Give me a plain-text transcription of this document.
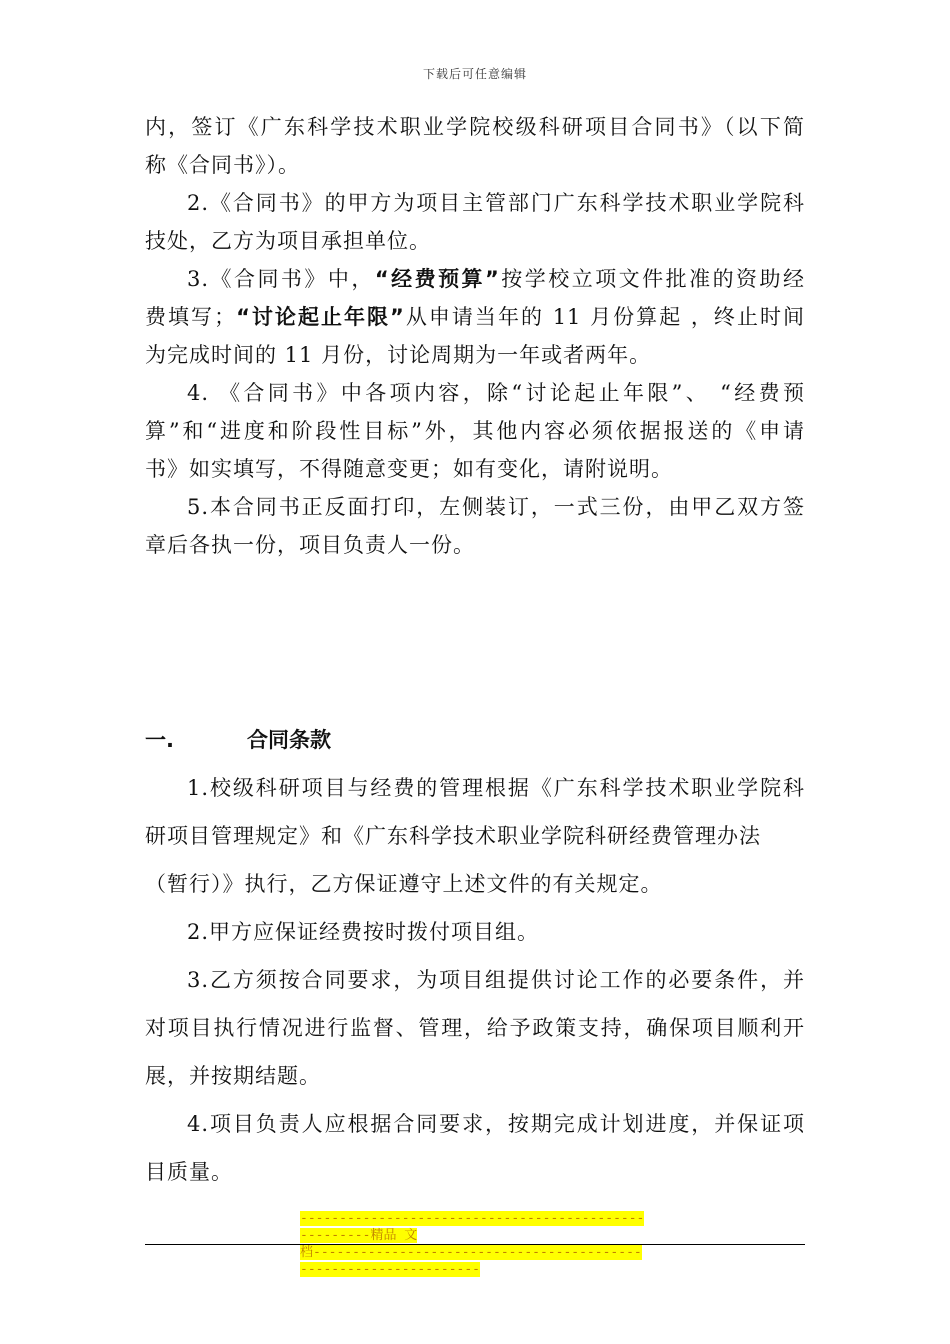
下载后可任意编辑
内，签订《广东科学技术职业学院校级科研项目合同书》（以下简
称《合同书》）。
2.《合同书》的甲方为项目主管部门广东科学技术职业学院科
技处，乙方为项目承担单位。
3.《合同书》中，“经费预算”按学校立项文件批准的资助经
费填写；“讨论起止年限”从申请当年的 11 月份算起 ，终止时间
为完成时间的 11 月份，讨论周期为一年或者两年。
4. 《合同书》中各项内容，除“讨论起止年限”、 “经费预
算”和“进度和阶段性目标”外，其他内容必须依据报送的《申请
书》如实填写，不得随意变更；如有变化，请附说明。
5.本合同书正反面打印，左侧装订，一式三份，由甲乙双方签
章后各执一份，项目负责人一份。
一.	合同条款
1.校级科研项目与经费的管理根据《广东科学技术职业学院科
研项目管理规定》和《广东科学技术职业学院科研经费管理办法
（暂行）》执行，乙方保证遵守上述文件的有关规定。
2.甲方应保证经费按时拨付项目组。
3.乙方须按合同要求，为项目组提供讨论工作的必要条件，并
对项目执行情况进行监督、管理，给予政策支持，确保项目顺利开
展，并按期结题。
4.项目负责人应根据合同要求，按期完成计划进度，并保证项
目质量。
-----------------------------------------------------精品 文
档-----------------------------------------------------------------
